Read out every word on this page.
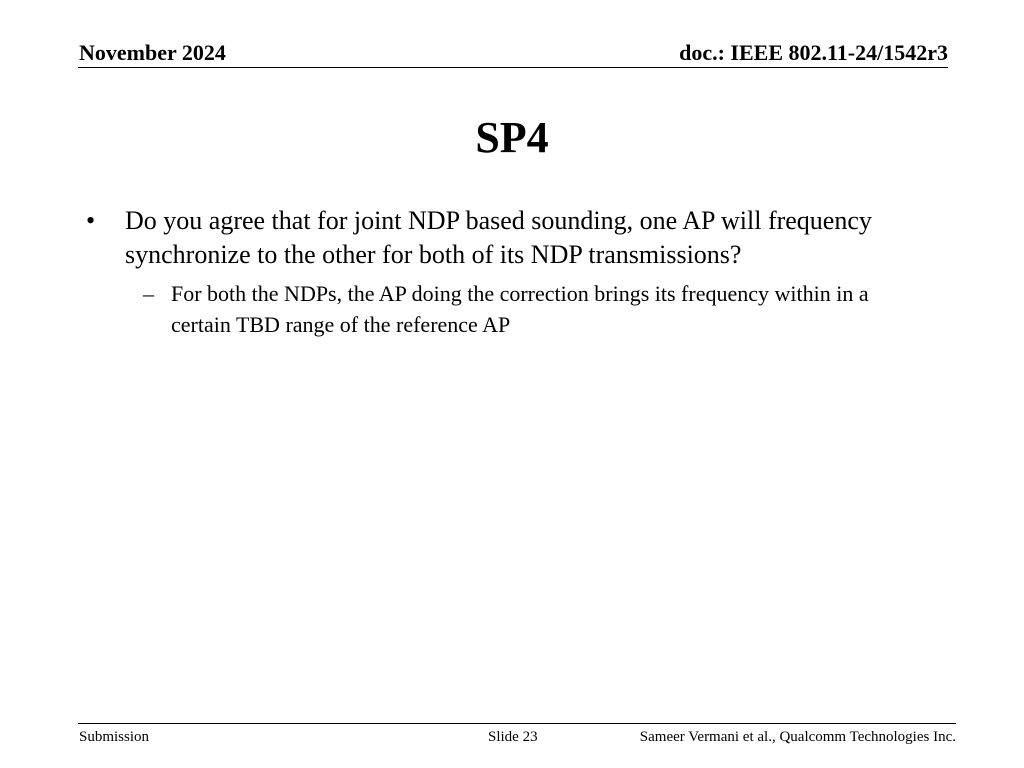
November 2024	doc.: IEEE 802.11-24/1542r3
SP4
• Do you agree that for joint NDP based sounding, one AP will frequency synchronize to the other for both of its NDP transmissions?
– For both the NDPs, the AP doing the correction brings its frequency within in a certain TBD range of the reference AP
Submission	Slide 23	Sameer Vermani et al., Qualcomm Technologies Inc.
